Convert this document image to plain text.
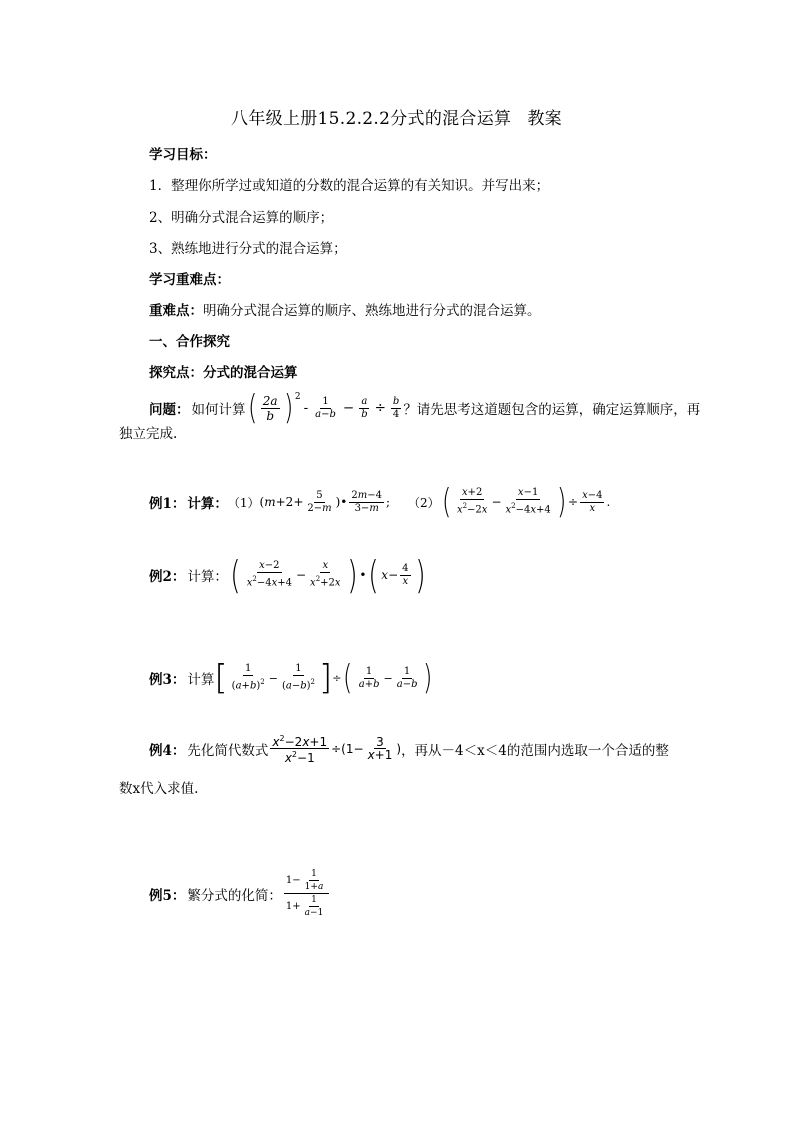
八年级上册15.2.2.2分式的混合运算 教案
学习目标：
1．整理你所学过或知道的分数的混合运算的有关知识。并写出来；
2、明确分式混合运算的顺序；
3、熟练地进行分式的混合运算；
学习重难点：
重难点：明确分式混合运算的顺序、熟练地进行分式的混合运算。
一、合作探究
探究点：分式的混合运算
问题： 如何计算 ( $\frac{2a}{b}$ ) 2
- $\frac{1}{a-b} - \frac{a}{b} \div \frac{b}{4}$ ？请先思考这道题包含的运算，确定运算顺序，再
独立完成.
例1： 计算： （1） ( $m +2+ \frac{5}{2-m}$ )• $\frac{2m-4}{3-m}$ ; （2） ( $\frac{x+2}{x^2-2x} - \frac{x-1}{x^2-4x+4}$ ) ÷ $\frac{x-4}{x}$ .
例2： 计算： ( $\frac{x-2}{x^2-4x+4} - \frac{x}{x^2+2x}$ ) • ( $x - \frac{4}{x}$ )
例3： 计算 [ $\frac{1}{(a+b)^2} - \frac{1}{(a-b)^2}$ ] ÷ ( $\frac{1}{a+b} - \frac{1}{a-b}$ )
例4： 先化简代数式 $\frac{x^2-2x+1}{x^2-1} \div(1- \frac{3}{x+1}$ ) ，再从－4＜x＜4的范围内选取一个合适的整
数x代入求值.
例5： 繁分式的化简：
$1- \frac{1}{1+a}$
$1+ \frac{1}{a-1}$
